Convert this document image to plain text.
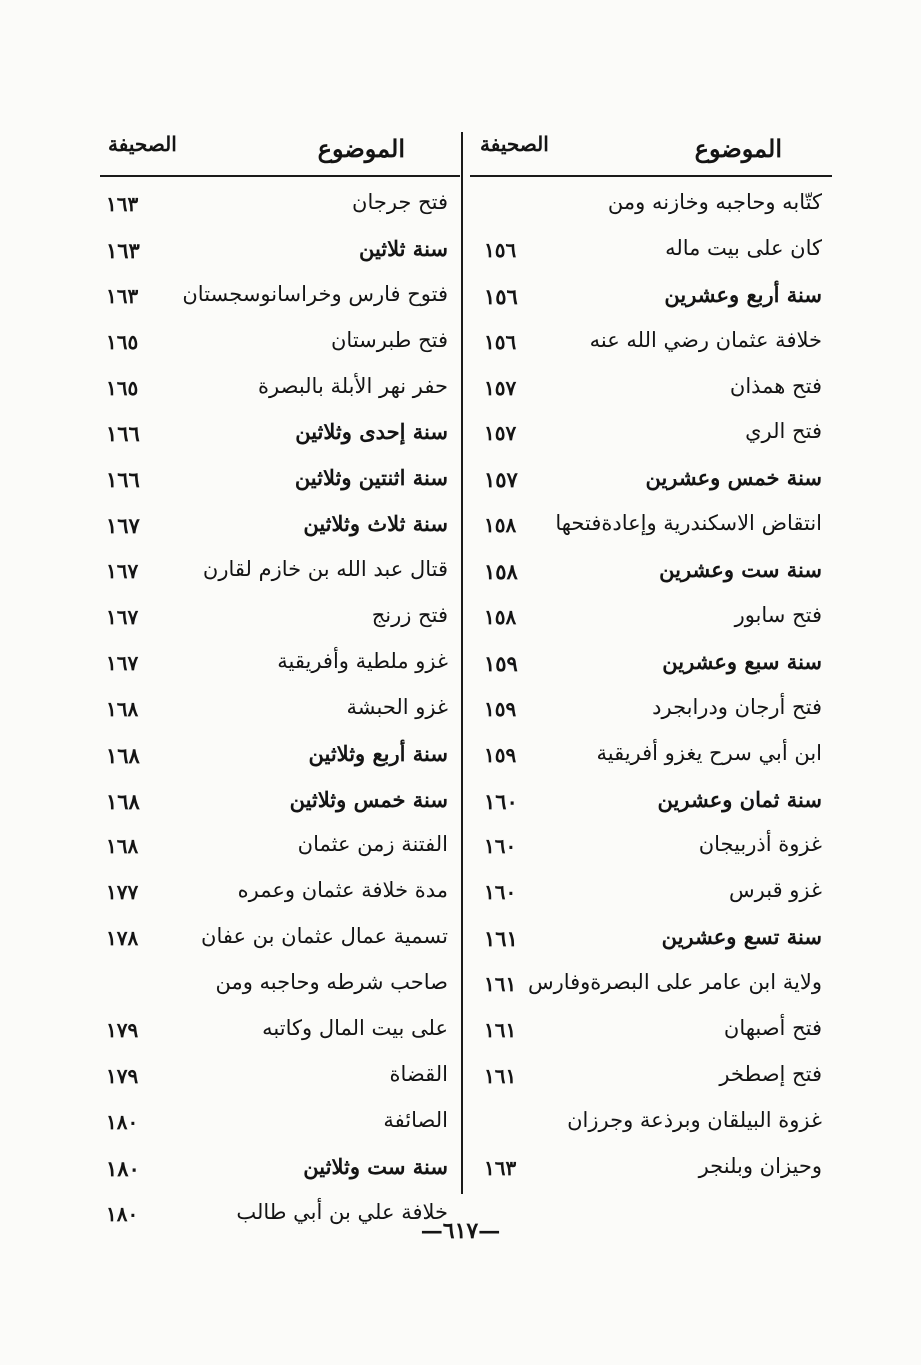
الموضوع
الصحيفة
كتّابه وحاجبه وخازنه ومن
كان على بيت ماله
١٥٦
سنة أربع وعشرين
١٥٦
خلافة عثمان رضي الله عنه
١٥٦
فتح همذان
١٥٧
فتح الري
١٥٧
سنة خمس وعشرين
١٥٧
انتقاض الاسكندرية وإعادةفتحها
١٥٨
سنة ست وعشرين
١٥٨
فتح سابور
١٥٨
سنة سبع وعشرين
١٥٩
فتح أرجان ودرابجرد
١٥٩
ابن أبي سرح يغزو أفريقية
١٥٩
سنة ثمان وعشرين
١٦٠
غزوة أذربيجان
١٦٠
غزو قبرس
١٦٠
سنة تسع وعشرين
١٦١
ولاية ابن عامر على البصرةوفارس
١٦١
فتح أصبهان
١٦١
فتح إصطخر
١٦١
غزوة البيلقان وبرذعة وجرزان
وحيزان وبلنجر
١٦٣
الموضوع
الصحيفة
فتح جرجان
١٦٣
سنة ثلاثين
١٦٣
فتوح فارس وخراسانوسجستان
١٦٣
فتح طبرستان
١٦٥
حفر نهر الأبلة بالبصرة
١٦٥
سنة إحدى وثلاثين
١٦٦
سنة اثنتين وثلاثين
١٦٦
سنة ثلاث وثلاثين
١٦٧
قتال عبد الله بن خازم لقارن
١٦٧
فتح زرنج
١٦٧
غزو ملطية وأفريقية
١٦٧
غزو الحبشة
١٦٨
سنة أربع وثلاثين
١٦٨
سنة خمس وثلاثين
١٦٨
الفتنة زمن عثمان
١٦٨
مدة خلافة عثمان وعمره
١٧٧
تسمية عمال عثمان بن عفان
١٧٨
صاحب شرطه وحاجبه ومن
على بيت المال وكاتبه
١٧٩
القضاة
١٧٩
الصائفة
١٨٠
سنة ست وثلاثين
١٨٠
خلافة علي بن أبي طالب
١٨٠
—٦١٧—
